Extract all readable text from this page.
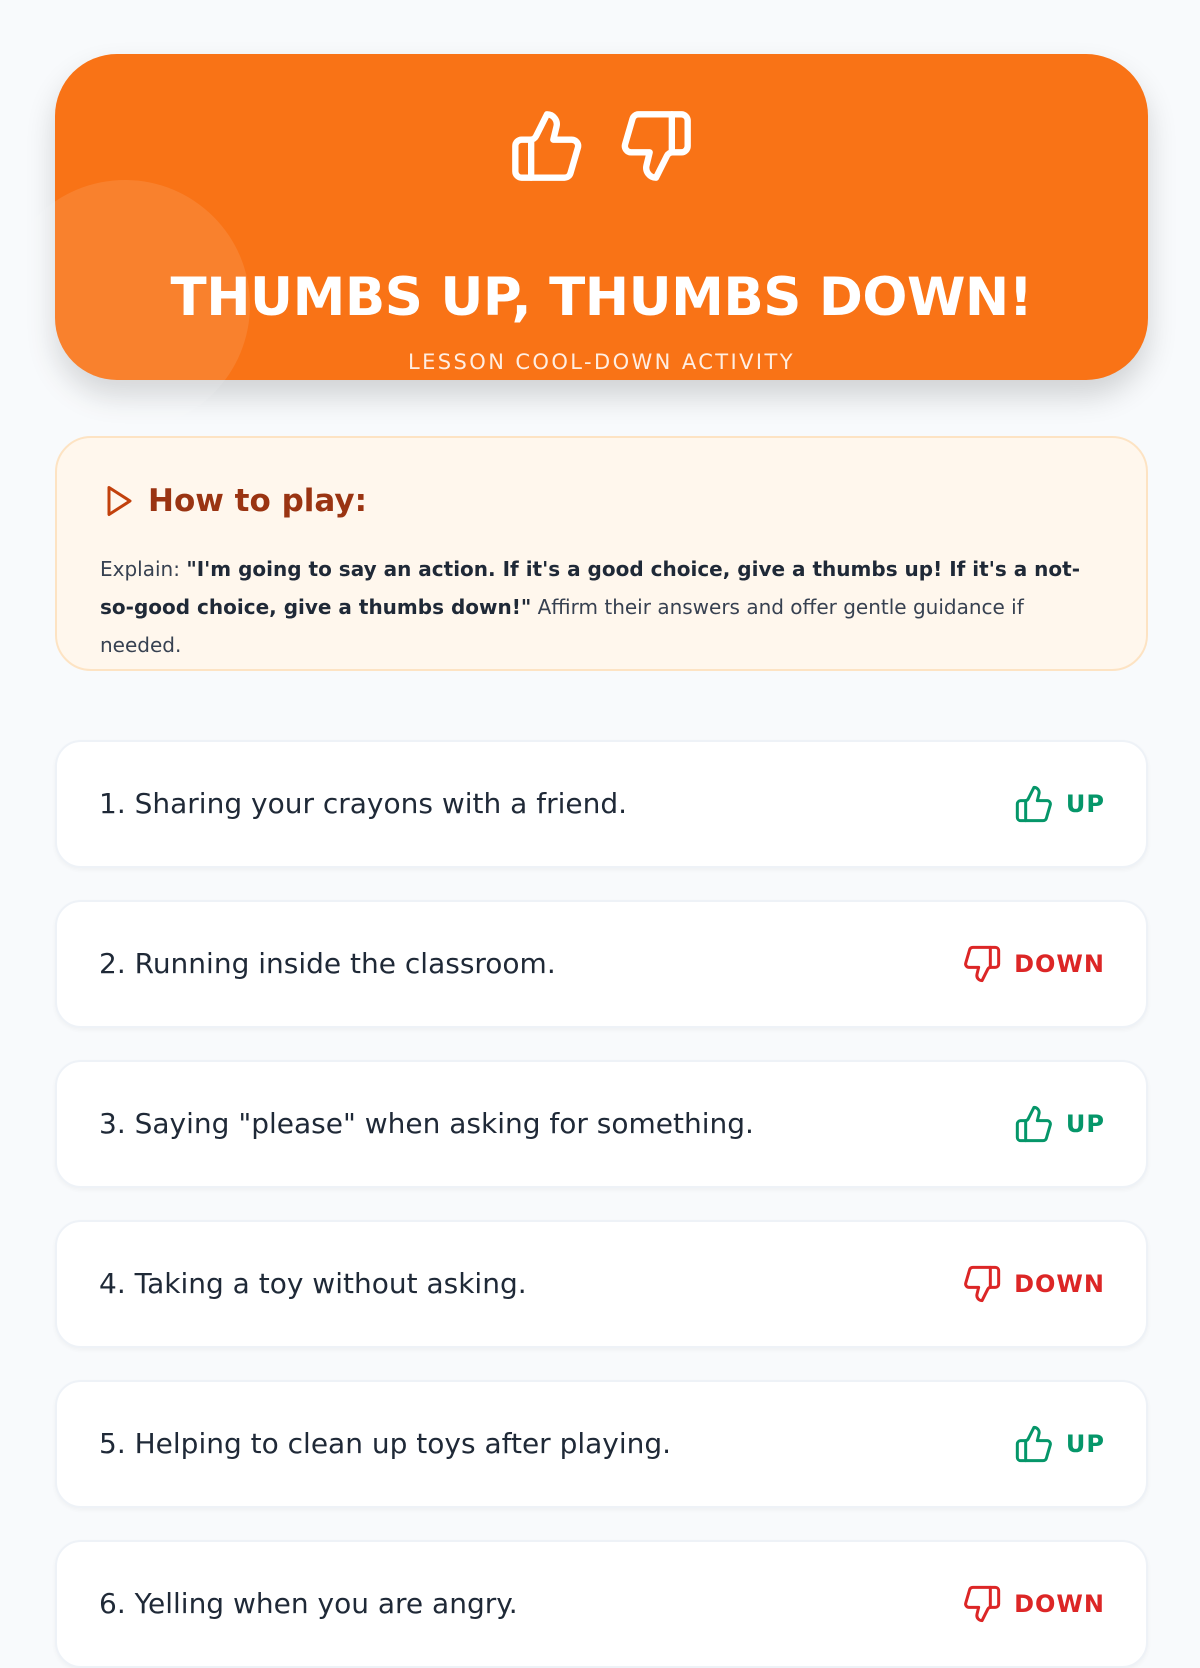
THUMBS UP, THUMBS DOWN!
LESSON COOL-DOWN ACTIVITY
How to play:
Explain: "I'm going to say an action. If it's a good choice, give a thumbs up! If it's a not-so-good choice, give a thumbs down!" Affirm their answers and offer gentle guidance if needed.
1. Sharing your crayons with a friend.	UP
2. Running inside the classroom.	DOWN
3. Saying "please" when asking for something.	UP
4. Taking a toy without asking.	DOWN
5. Helping to clean up toys after playing.	UP
6. Yelling when you are angry.	DOWN
